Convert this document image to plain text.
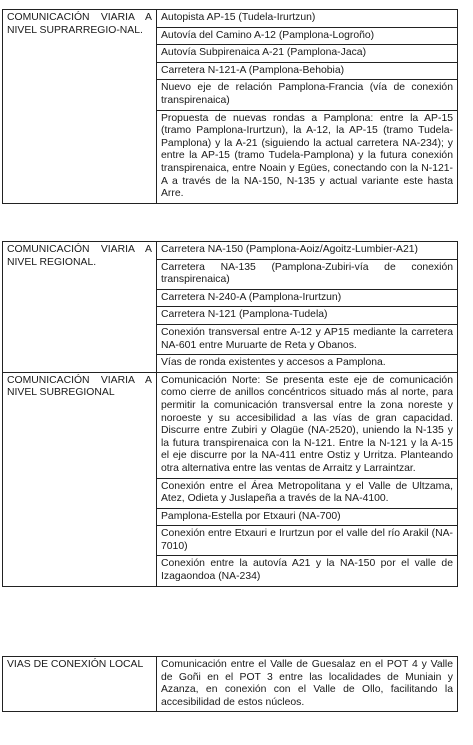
COMUNICACIÓN VIARIA A NIVEL SUPRARREGIO-NAL.	Autopista AP-15 (Tudela-Irurtzun)
Autovía del Camino A-12 (Pamplona-Logroño)
Autovía Subpirenaica A-21 (Pamplona-Jaca)
Carretera N-121-A (Pamplona-Behobia)
Nuevo eje de relación Pamplona-Francia (vía de conexión transpirenaica)
Propuesta de nuevas rondas a Pamplona: entre la AP-15 (tramo Pamplona-Irurtzun), la A-12, la AP-15 (tramo Tudela-Pamplona) y la A-21 (siguiendo la actual carretera NA-234); y entre la AP-15 (tramo Tudela-Pamplona) y la futura conexión transpirenaica, entre Noain y Egües, conectando con la N-121-A a través de la NA-150, N-135 y actual variante este hasta Arre.
COMUNICACIÓN VIARIA A NIVEL REGIONAL.	Carretera NA-150 (Pamplona-Aoiz/Agoitz-Lumbier-A21)
	Carretera NA-135 (Pamplona-Zubiri-vía de conexión transpirenaica)
	Carretera N-240-A (Pamplona-Irurtzun)
	Carretera N-121 (Pamplona-Tudela)
	Conexión transversal entre A-12 y AP15 mediante la carretera NA-601 entre Muruarte de Reta y Obanos.
	Vías de ronda existentes y accesos a Pamplona.
COMUNICACIÓN VIARIA A NIVEL SUBREGIONAL	Comunicación Norte: Se presenta este eje de comunicación como cierre de anillos concéntricos situado más al norte, para permitir la comunicación transversal entre la zona noreste y noroeste y su accesibilidad a las vías de gran capacidad. Discurre entre Zubiri y Olagüe (NA-2520), uniendo la N-135 y la futura transpirenaica con la N-121. Entre la N-121 y la A-15 el eje discurre por la NA-411 entre Ostiz y Urritza. Planteando otra alternativa entre las ventas de Arraitz y Larraintzar.
	Conexión entre el Área Metropolitana y el Valle de Ultzama, Atez, Odieta y Juslapeña a través de la NA-4100.
	Pamplona-Estella por Etxauri (NA-700)
	Conexión entre Etxauri e Irurtzun por el valle del río Arakil (NA-7010)
	Conexión entre la autovía A21 y la NA-150 por el valle de Izagaondoa (NA-234)
VIAS DE CONEXIÓN LOCAL	Comunicación entre el Valle de Guesalaz en el POT 4 y Valle de Goñi en el POT 3 entre las localidades de Muniain y Azanza, en conexión con el Valle de Ollo, facilitando la accesibilidad de estos núcleos.
